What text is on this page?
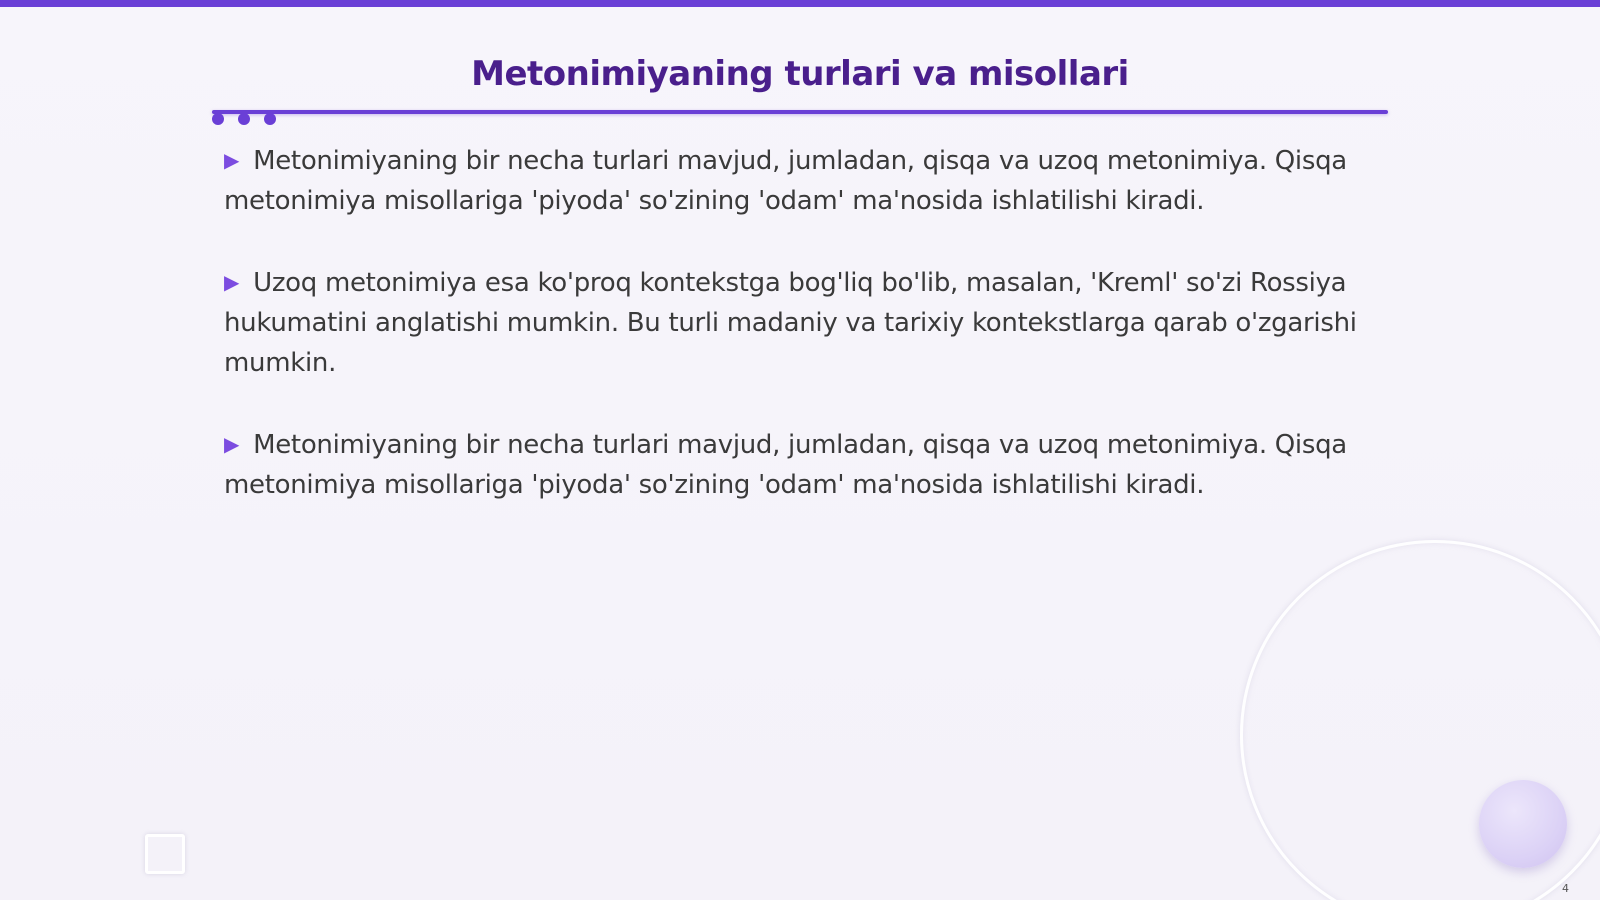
Metonimiyaning turlari va misollari

▶ Metonimiyaning bir necha turlari mavjud, jumladan, qisqa va uzoq metonimiya. Qisqa metonimiya misollariga 'piyoda' so'zining 'odam' ma'nosida ishlatilishi kiradi.

▶ Uzoq metonimiya esa ko'proq kontekstga bog'liq bo'lib, masalan, 'Kreml' so'zi Rossiya hukumatini anglatishi mumkin. Bu turli madaniy va tarixiy kontekstlarga qarab o'zgarishi mumkin.

▶ Metonimiyaning bir necha turlari mavjud, jumladan, qisqa va uzoq metonimiya. Qisqa metonimiya misollariga 'piyoda' so'zining 'odam' ma'nosida ishlatilishi kiradi.

4
